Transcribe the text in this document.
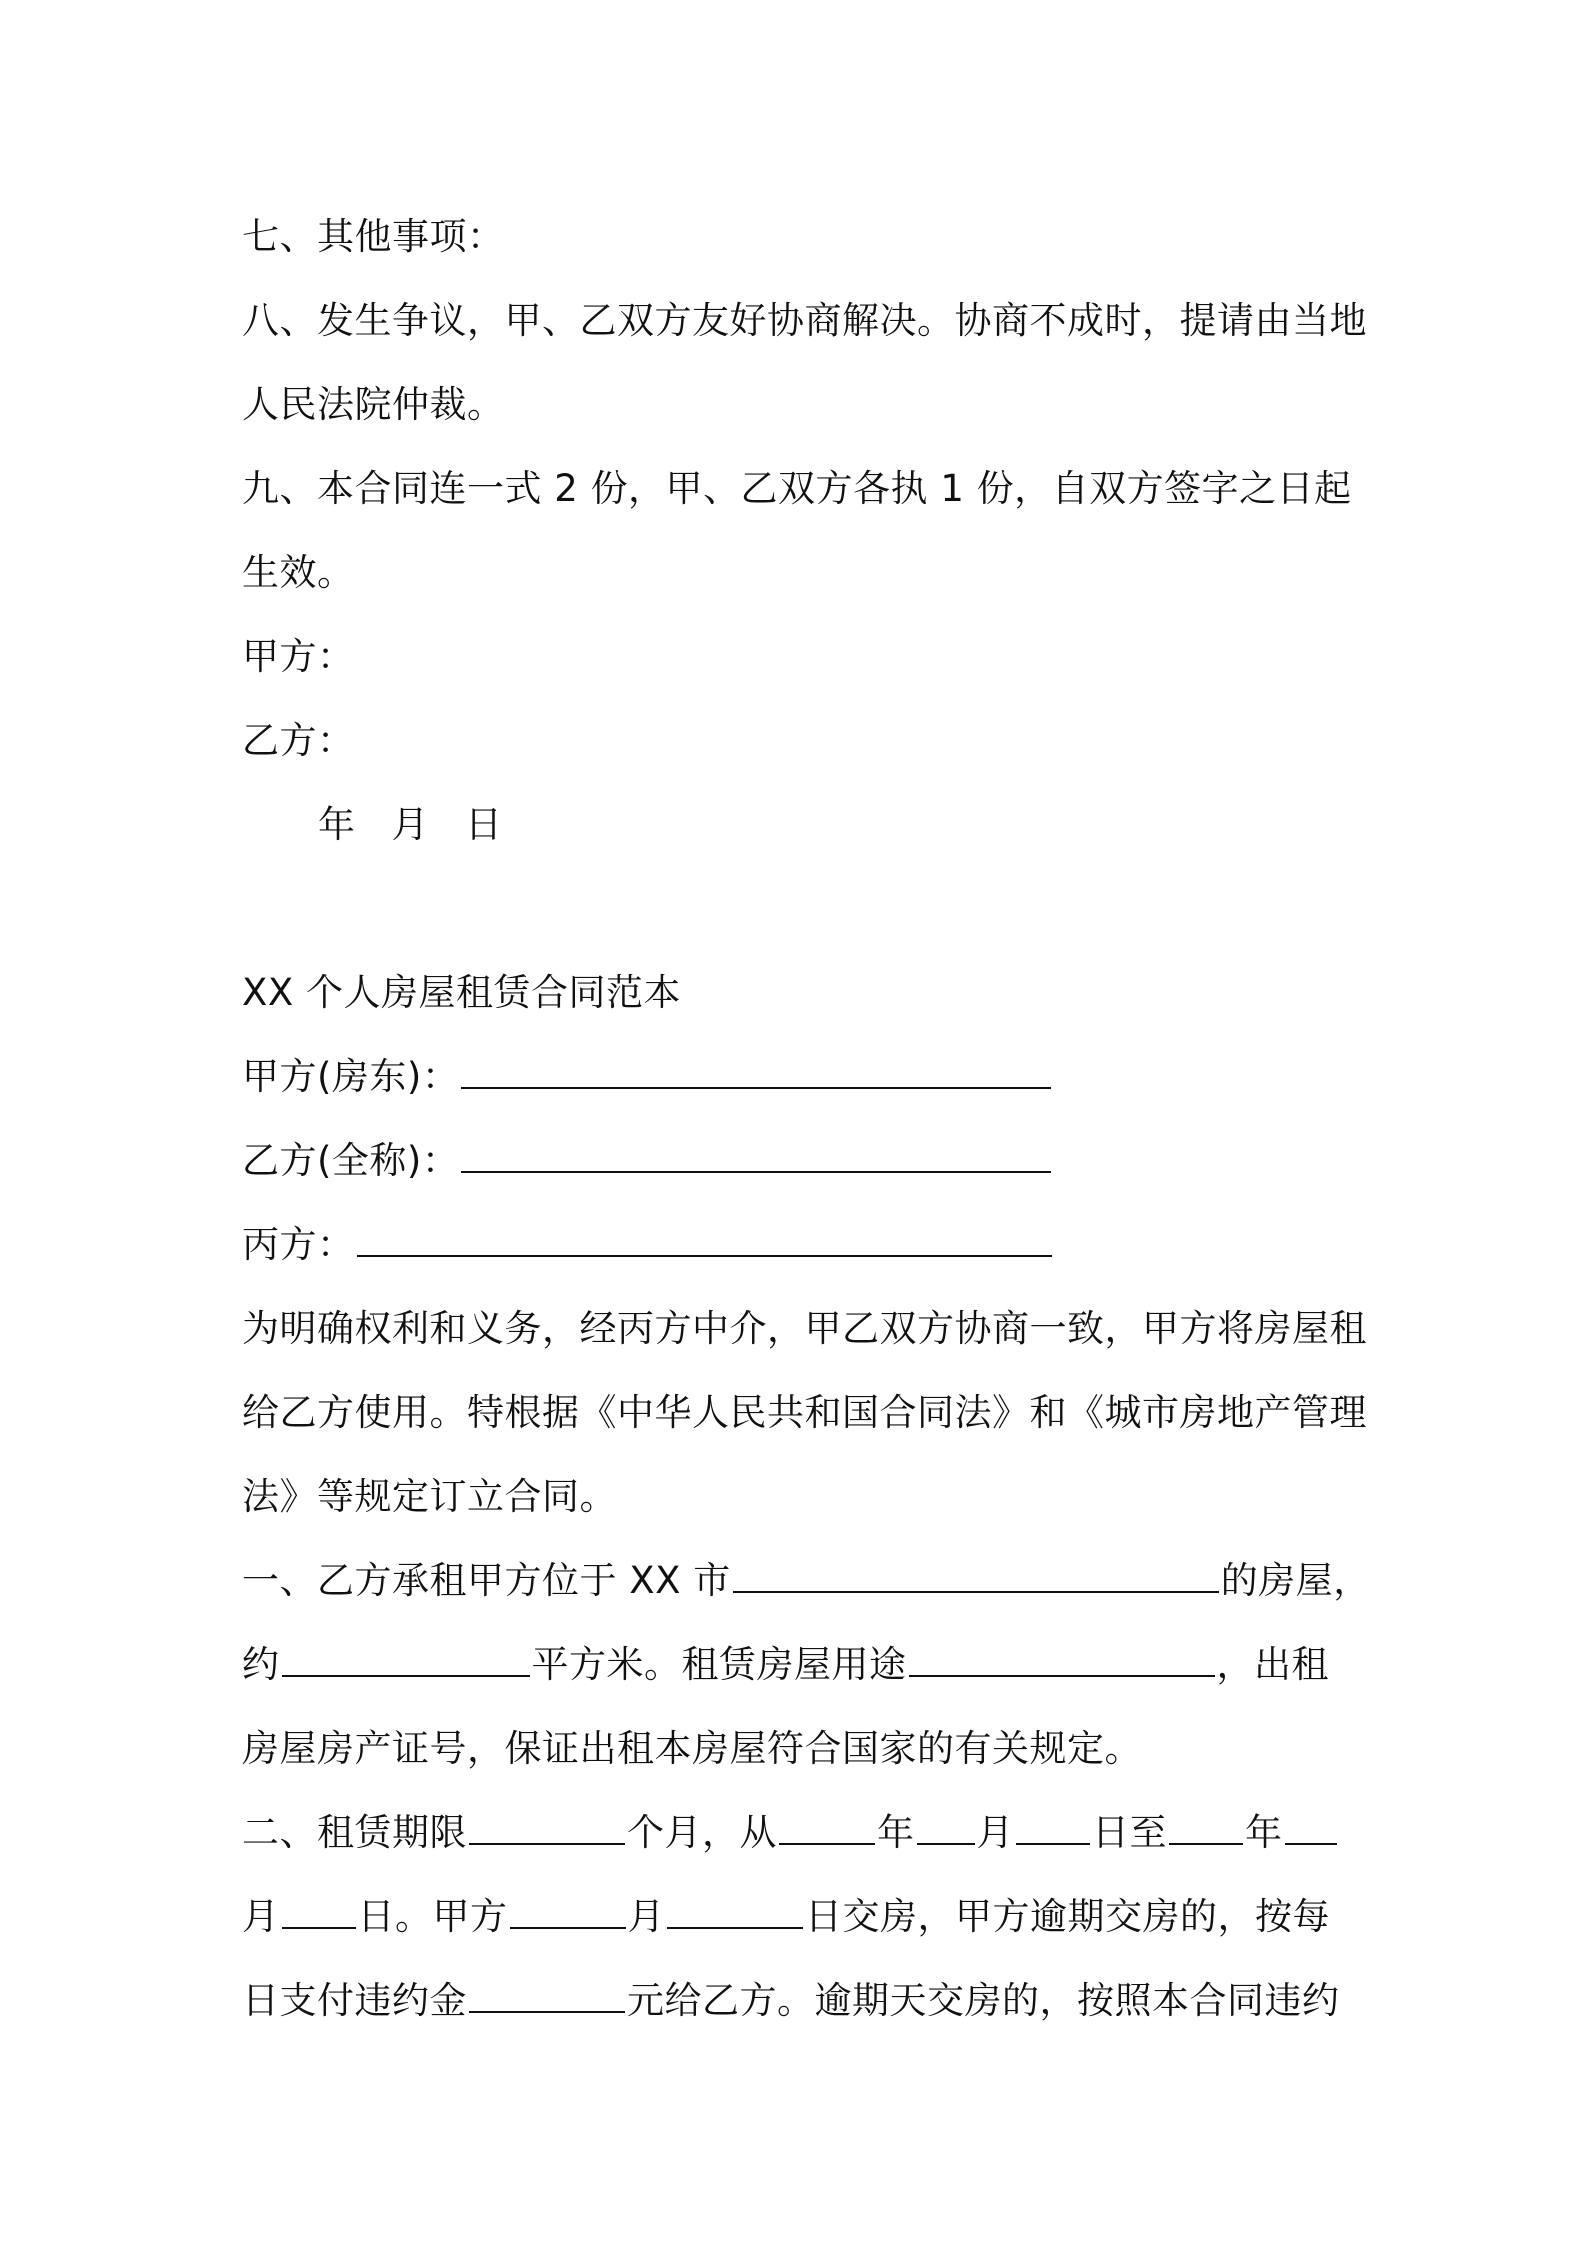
七、其他事项：
八、发生争议，甲、乙双方友好协商解决。协商不成时，提请由当地
人民法院仲裁。
九、本合同连一式 2 份，甲、乙双方各执 1 份，自双方签字之日起
生效。
甲方：
乙方：
年 月 日
XX 个人房屋租赁合同范本
甲方(房东)：
乙方(全称)：
丙方：
为明确权利和义务，经丙方中介，甲乙双方协商一致，甲方将房屋租
给乙方使用。特根据《中华人民共和国合同法》和《城市房地产管理
法》等规定订立合同。
一、乙方承租甲方位于 XX 市	的房屋，
约	平方米。租赁房屋用途	，出租
房屋房产证号，保证出租本房屋符合国家的有关规定。
二、租赁期限	个月，从	年 月 日至 年
月 日。甲方	月	日交房，甲方逾期交房的，按每
日支付违约金	元给乙方。逾期天交房的，按照本合同违约
